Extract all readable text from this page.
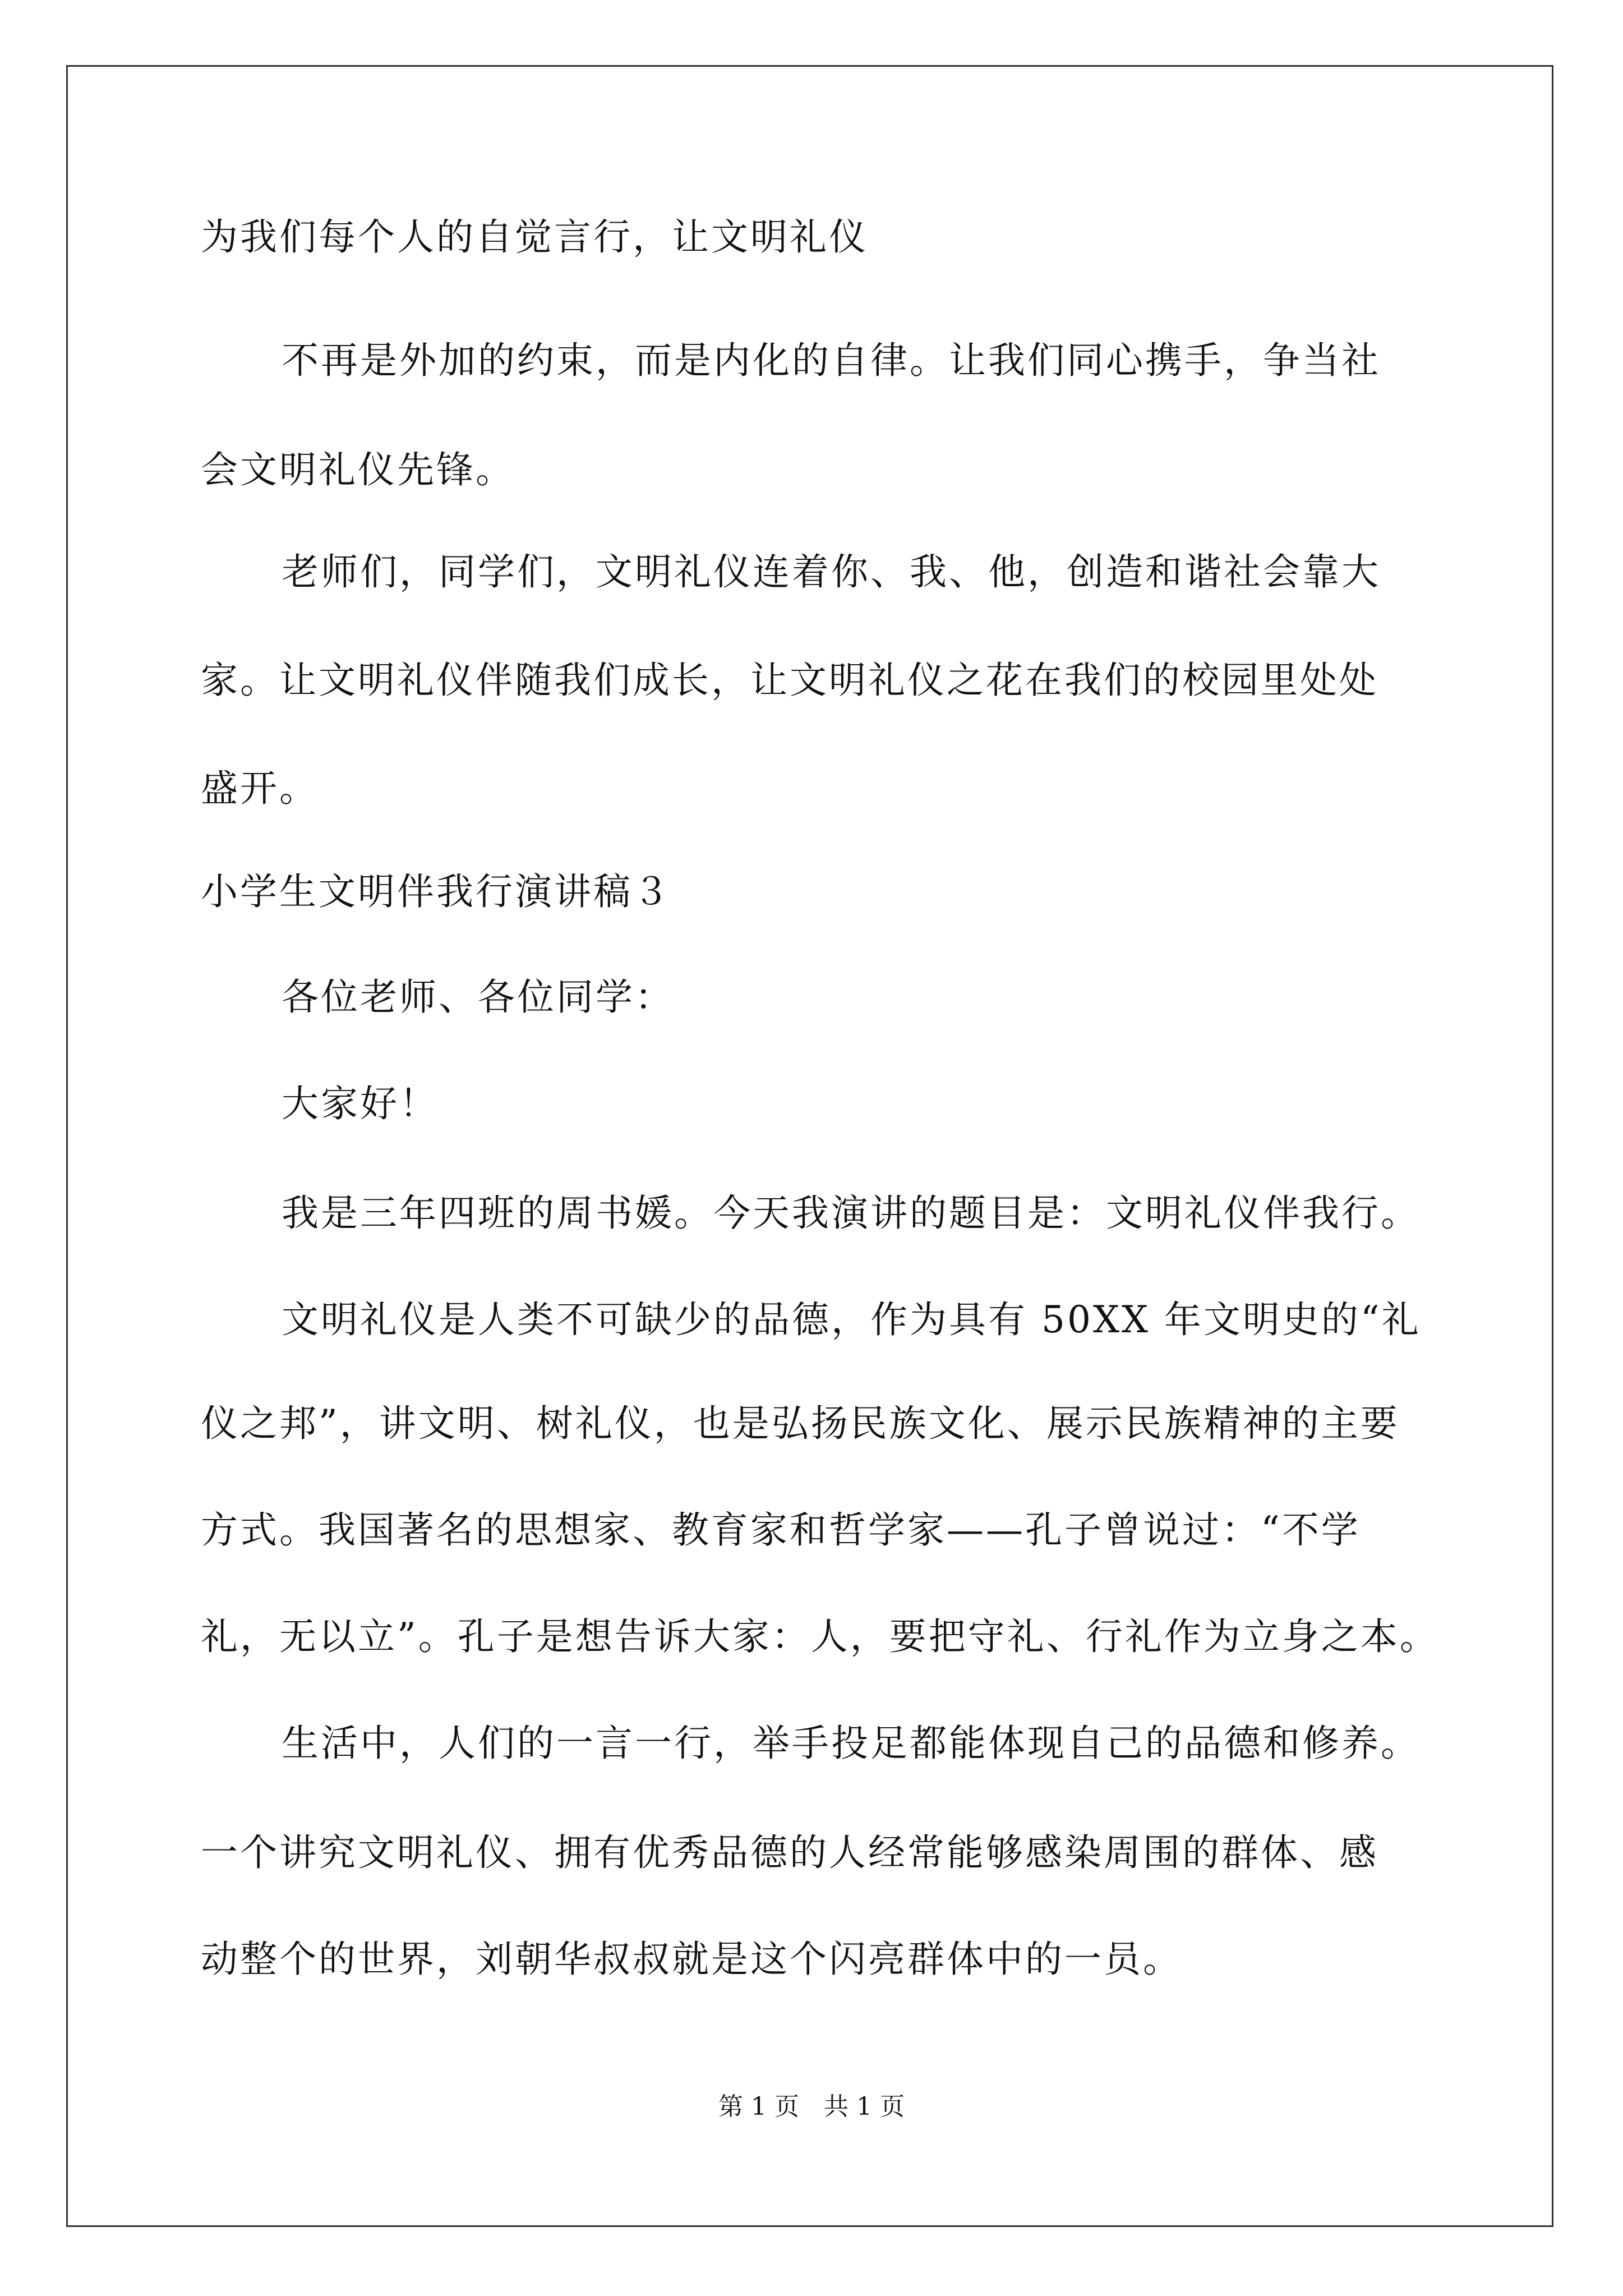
为我们每个人的自觉言行，让文明礼仪
不再是外加的约束，而是内化的自律。让我们同心携手，争当社
会文明礼仪先锋。
老师们，同学们，文明礼仪连着你、我、他，创造和谐社会靠大
家。让文明礼仪伴随我们成长，让文明礼仪之花在我们的校园里处处
盛开。
小学生文明伴我行演讲稿３
各位老师、各位同学：
大家好！
我是三年四班的周书媛。今天我演讲的题目是：文明礼仪伴我行。
文明礼仪是人类不可缺少的品德，作为具有 50XX 年文明史的“礼
仪之邦”，讲文明、树礼仪，也是弘扬民族文化、展示民族精神的主要
方式。我国著名的思想家、教育家和哲学家——孔子曾说过：“不学
礼，无以立”。孔子是想告诉大家：人，要把守礼、行礼作为立身之本。
生活中，人们的一言一行，举手投足都能体现自己的品德和修养。
一个讲究文明礼仪、拥有优秀品德的人经常能够感染周围的群体、感
动整个的世界，刘朝华叔叔就是这个闪亮群体中的一员。
第 1 页　共 1 页
